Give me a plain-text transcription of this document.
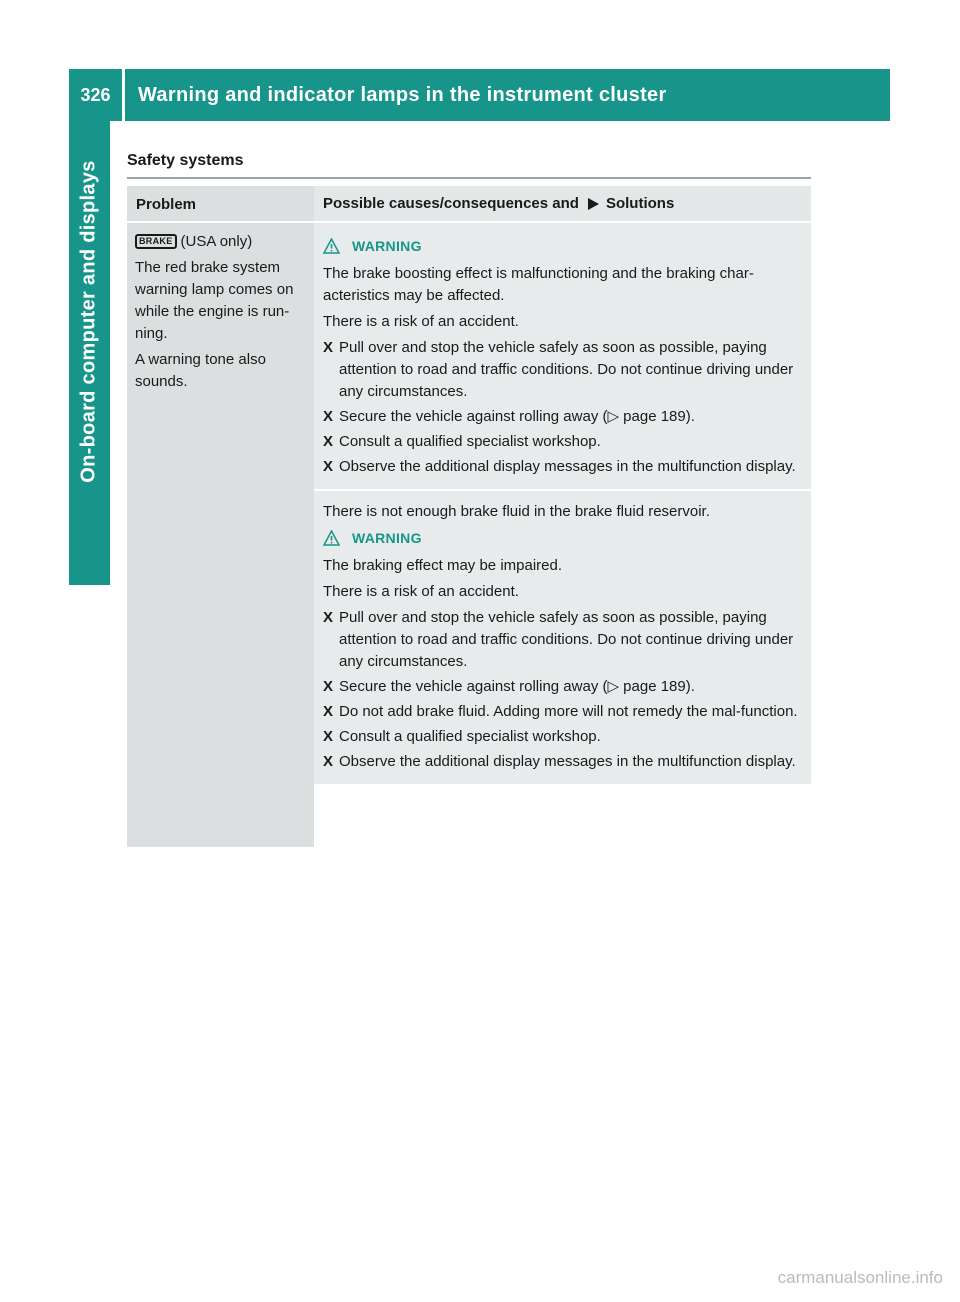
326	Warning and indicator lamps in the instrument cluster
On-board computer and displays Safety systems
Problem	Possible causes/consequences and Solutions

BRAKE (USA only)

The red brake system warning lamp comes on while the engine is run-ning.

A warning tone also sounds.

WARNING

The brake boosting effect is malfunctioning and the braking char-acteristics may be affected.

There is a risk of an accident.

X Pull over and stop the vehicle safely as soon as possible, paying attention to road and traffic conditions. Do not continue driving under any circumstances.
X Secure the vehicle against rolling away (▷ page 189).
X Consult a qualified specialist workshop.
X Observe the additional display messages in the multifunction display.

There is not enough brake fluid in the brake fluid reservoir.

WARNING

The braking effect may be impaired.

There is a risk of an accident.

X Pull over and stop the vehicle safely as soon as possible, paying attention to road and traffic conditions. Do not continue driving under any circumstances.
X Secure the vehicle against rolling away (▷ page 189).
X Do not add brake fluid. Adding more will not remedy the mal-function.
X Consult a qualified specialist workshop.
X Observe the additional display messages in the multifunction display.
carmanualsonline.info
